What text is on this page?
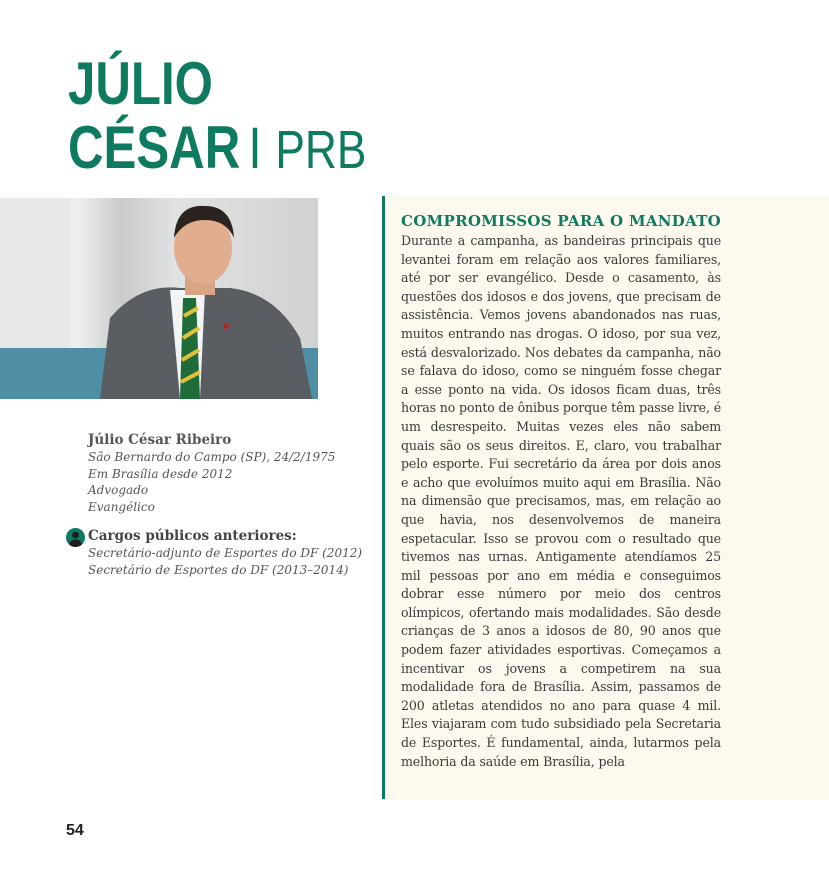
JÚLIO
CÉSAR I PRB
Júlio César Ribeiro
São Bernardo do Campo (SP), 24/2/1975
Em Brasília desde 2012
Advogado
Evangélico
Cargos públicos anteriores:
Secretário-adjunto de Esportes do DF (2012)
Secretário de Esportes do DF (2013–2014)
COMPROMISSOS PARA O MANDATO

Durante a campanha, as bandeiras principais que levantei foram em relação aos valores familiares, até por ser evangélico. Desde o casamento, às questões dos idosos e dos jovens, que precisam de assistência. Vemos jovens abandonados nas ruas, muitos entrando nas drogas. O idoso, por sua vez, está desvalorizado. Nos debates da campanha, não se falava do idoso, como se ninguém fosse chegar a esse ponto na vida. Os idosos ficam duas, três horas no ponto de ônibus porque têm passe livre, é um desrespeito. Muitas vezes eles não sabem quais são os seus direitos. E, claro, vou trabalhar pelo esporte. Fui secretário da área por dois anos e acho que evoluímos muito aqui em Brasília. Não na dimensão que precisamos, mas, em relação ao que havia, nos desenvolvemos de maneira espetacular. Isso se provou com o resultado que tivemos nas urnas. Antigamente atendíamos 25 mil pessoas por ano em média e conseguimos dobrar esse número por meio dos centros olímpicos, ofertando mais modalidades. São desde crianças de 3 anos a idosos de 80, 90 anos que podem fazer atividades esportivas. Começamos a incentivar os jovens a competirem na sua modalidade fora de Brasília. Assim, passamos de 200 atletas atendidos no ano para quase 4 mil. Eles viajaram com tudo subsidiado pela Secretaria de Esportes. É fundamental, ainda, lutarmos pela melhoria da saúde em Brasília, pela

54
